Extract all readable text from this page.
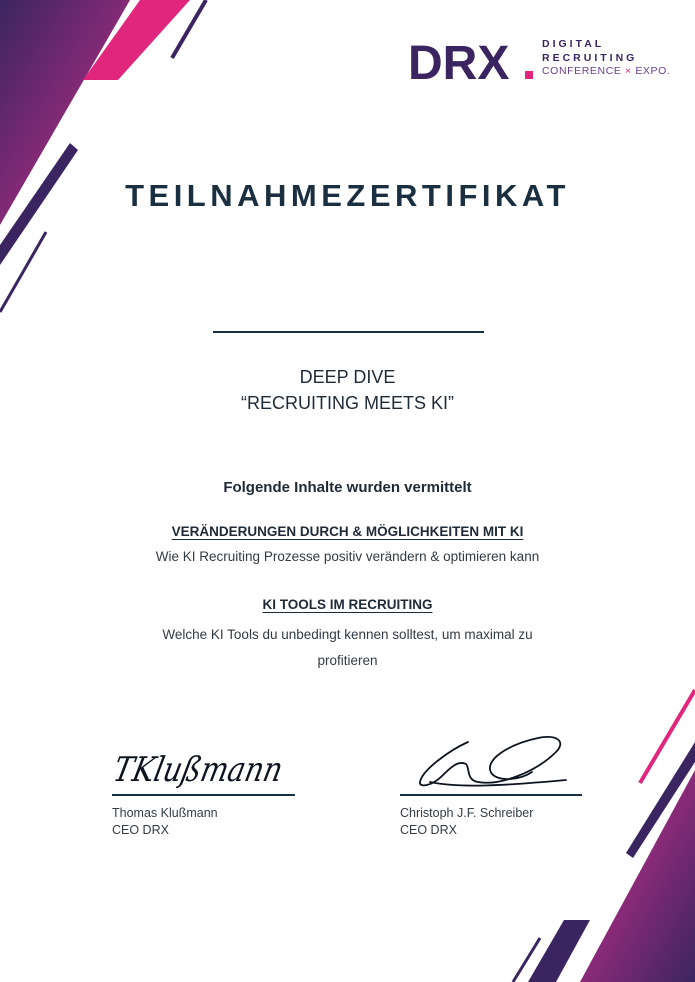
DRX	DIGITAL
RECRUITING
CONFERENCE × EXPO.
TEILNAHMEZERTIFIKAT
DEEP DIVE
“RECRUITING MEETS KI”
Folgende Inhalte wurden vermittelt
VERÄNDERUNGEN DURCH & MÖGLICHKEITEN MIT KI
Wie KI Recruiting Prozesse positiv verändern & optimieren kann
KI TOOLS IM RECRUITING
Welche KI Tools du unbedingt kennen solltest, um maximal zu profitieren
TKlußmann
Thomas Klußmann
CEO DRX
Christoph J.F. Schreiber
CEO DRX
